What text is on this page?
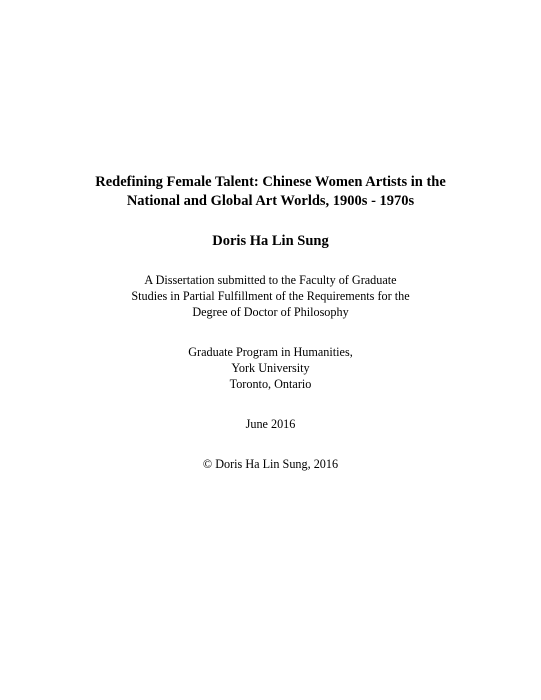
Redefining Female Talent: Chinese Women Artists in the
National and Global Art Worlds, 1900s - 1970s
Doris Ha Lin Sung
A Dissertation submitted to the Faculty of Graduate
Studies in Partial Fulfillment of the Requirements for the
Degree of Doctor of Philosophy
Graduate Program in Humanities,
York University
Toronto, Ontario
June 2016
© Doris Ha Lin Sung, 2016
